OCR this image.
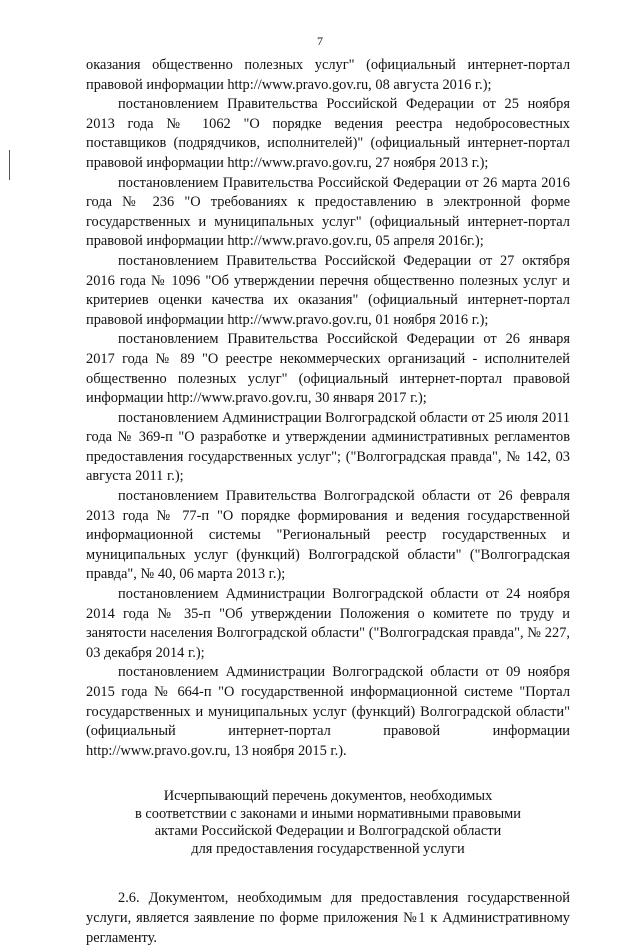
7

оказания общественно полезных услуг" (официальный интернет-портал правовой информации http://www.pravo.gov.ru, 08 августа 2016 г.);

постановлением Правительства Российской Федерации от 25 ноября 2013 года № 1062 "О порядке ведения реестра недобросовестных поставщиков (подрядчиков, исполнителей)" (официальный интернет-портал правовой информации http://www.pravo.gov.ru, 27 ноября 2013 г.);

постановлением Правительства Российской Федерации от 26 марта 2016 года № 236 "О требованиях к предоставлению в электронной форме государственных и муниципальных услуг" (официальный интернет-портал правовой информации http://www.pravo.gov.ru, 05 апреля 2016г.);

постановлением Правительства Российской Федерации от 27 октября 2016 года № 1096 "Об утверждении перечня общественно полезных услуг и критериев оценки качества их оказания" (официальный интернет-портал правовой информации http://www.pravo.gov.ru, 01 ноября 2016 г.);

постановлением Правительства Российской Федерации от 26 января 2017 года № 89 "О реестре некоммерческих организаций - исполнителей общественно полезных услуг" (официальный интернет-портал правовой информации http://www.pravo.gov.ru, 30 января 2017 г.);

постановлением Администрации Волгоградской области от 25 июля 2011 года № 369-п "О разработке и утверждении административных регламентов предоставления государственных услуг"; ("Волгоградская правда", № 142, 03 августа 2011 г.);

постановлением Правительства Волгоградской области от 26 февраля 2013 года № 77-п "О порядке формирования и ведения государственной информационной системы "Региональный реестр государственных и муниципальных услуг (функций) Волгоградской области" ("Волгоградская правда", № 40, 06 марта 2013 г.);

постановлением Администрации Волгоградской области от 24 ноября 2014 года № 35-п "Об утверждении Положения о комитете по труду и занятости населения Волгоградской области" ("Волгоградская правда", № 227, 03 декабря 2014 г.);

постановлением Администрации Волгоградской области от 09 ноября 2015 года № 664-п "О государственной информационной системе "Портал государственных и муниципальных услуг (функций) Волгоградской области" (официальный интернет-портал правовой информации http://www.pravo.gov.ru, 13 ноября 2015 г.).

Исчерпывающий перечень документов, необходимых
в соответствии с законами и иными нормативными правовыми
актами Российской Федерации и Волгоградской области
для предоставления государственной услуги

2.6. Документом, необходимым для предоставления государственной услуги, является заявление по форме приложения №1 к Административному регламенту.
